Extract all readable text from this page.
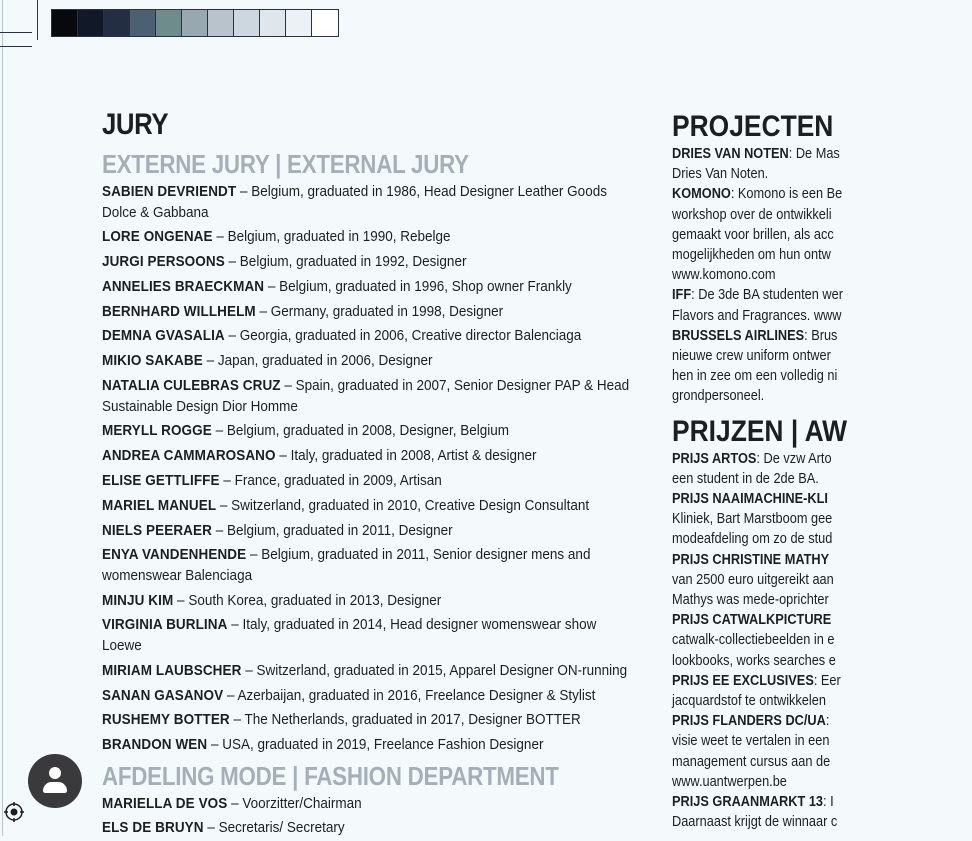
JURY
EXTERNE JURY | EXTERNAL JURY
SABIEN DEVRIENDT – Belgium, graduated in 1986, Head Designer Leather Goods Dolce & Gabbana
LORE ONGENAE – Belgium, graduated in 1990, Rebelge
JURGI PERSOONS – Belgium, graduated in 1992, Designer
ANNELIES BRAECKMAN – Belgium, graduated in 1996, Shop owner Frankly
BERNHARD WILLHELM – Germany, graduated in 1998, Designer
DEMNA GVASALIA – Georgia, graduated in 2006, Creative director Balenciaga
MIKIO SAKABE – Japan, graduated in 2006, Designer
NATALIA CULEBRAS CRUZ – Spain, graduated in 2007, Senior Designer PAP & Head Sustainable Design Dior Homme
MERYLL ROGGE – Belgium, graduated in 2008, Designer, Belgium
ANDREA CAMMAROSANO – Italy, graduated in 2008, Artist & designer
ELISE GETTLIFFE – France, graduated in 2009, Artisan
MARIEL MANUEL – Switzerland, graduated in 2010, Creative Design Consultant
NIELS PEERAER – Belgium, graduated in 2011, Designer
ENYA VANDENHENDE – Belgium, graduated in 2011, Senior designer mens and womenswear Balenciaga
MINJU KIM – South Korea, graduated in 2013, Designer
VIRGINIA BURLINA – Italy, graduated in 2014, Head designer womenswear show Loewe
MIRIAM LAUBSCHER – Switzerland, graduated in 2015, Apparel Designer ON-running
SANAN GASANOV – Azerbaijan, graduated in 2016, Freelance Designer & Stylist
RUSHEMY BOTTER – The Netherlands, graduated in 2017, Designer BOTTER
BRANDON WEN – USA, graduated in 2019, Freelance Fashion Designer
AFDELING MODE | FASHION DEPARTMENT
MARIELLA DE VOS – Voorzitter/Chairman
ELS DE BRUYN – Secretaris/ Secretary
PROJECTEN
DRIES VAN NOTEN: De Mas
Dries Van Noten.
KOMONO: Komono is een Be
workshop over de ontwikkeli
gemaakt voor brillen, als acc
mogelijkheden om hun ontw
www.komono.com
IFF: De 3de BA studenten wer
Flavors and Fragrances. www
BRUSSELS AIRLINES: Brus
nieuwe crew uniform ontwer
hen in zee om een volledig ni
grondpersoneel.
PRIJZEN | AW
PRIJS ARTOS: De vzw Arto
een student in de 2de BA.
PRIJS NAAIMACHINE-KLI
Kliniek, Bart Marstboom gee
modeafdeling om zo de stud
PRIJS CHRISTINE MATHY
van 2500 euro uitgereikt aan
Mathys was mede-oprichter
PRIJS CATWALKPICTURE
catwalk-collectiebeelden in e
lookbooks, works searches e
PRIJS EE EXCLUSIVES: Eer
jacquardstof te ontwikkelen
PRIJS FLANDERS DC/UA:
visie weet te vertalen in een
management cursus aan de
www.uantwerpen.be
PRIJS GRAANMARKT 13: I
Daarnaast krijgt de winnaar c
